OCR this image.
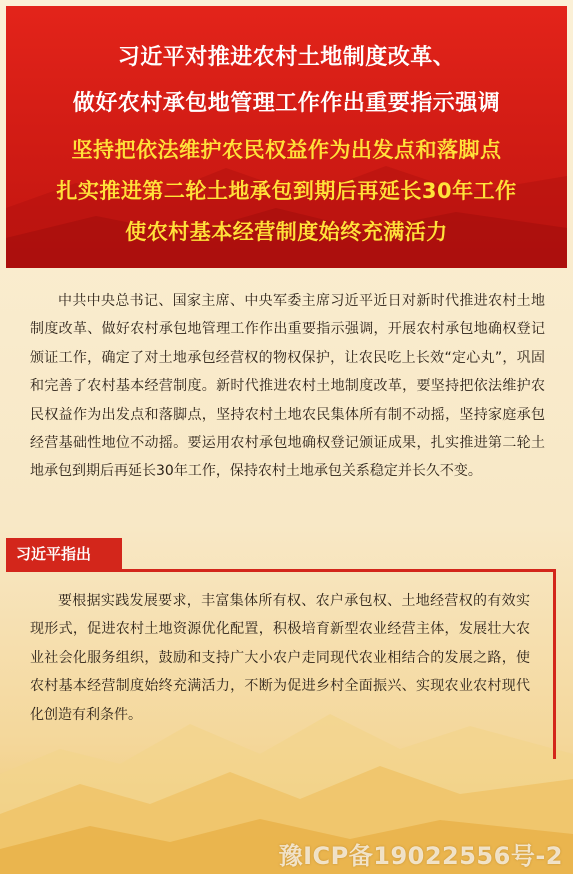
习近平对推进农村土地制度改革、
做好农村承包地管理工作作出重要指示强调
坚持把依法维护农民权益作为出发点和落脚点
扎实推进第二轮土地承包到期后再延长30年工作
使农村基本经营制度始终充满活力
中共中央总书记、国家主席、中央军委主席习近平近日对新时代推进农村土地制度改革、做好农村承包地管理工作作出重要指示强调，开展农村承包地确权登记颁证工作，确定了对土地承包经营权的物权保护，让农民吃上长效“定心丸”，巩固和完善了农村基本经营制度。新时代推进农村土地制度改革，要坚持把依法维护农民权益作为出发点和落脚点，坚持农村土地农民集体所有制不动摇，坚持家庭承包经营基础性地位不动摇。要运用农村承包地确权登记颁证成果，扎实推进第二轮土地承包到期后再延长30年工作，保持农村土地承包关系稳定并长久不变。
习近平指出
要根据实践发展要求，丰富集体所有权、农户承包权、土地经营权的有效实现形式，促进农村土地资源优化配置，积极培育新型农业经营主体，发展壮大农业社会化服务组织，鼓励和支持广大小农户走同现代农业相结合的发展之路，使农村基本经营制度始终充满活力，不断为促进乡村全面振兴、实现农业农村现代化创造有利条件。
豫ICP备19022556号-2
